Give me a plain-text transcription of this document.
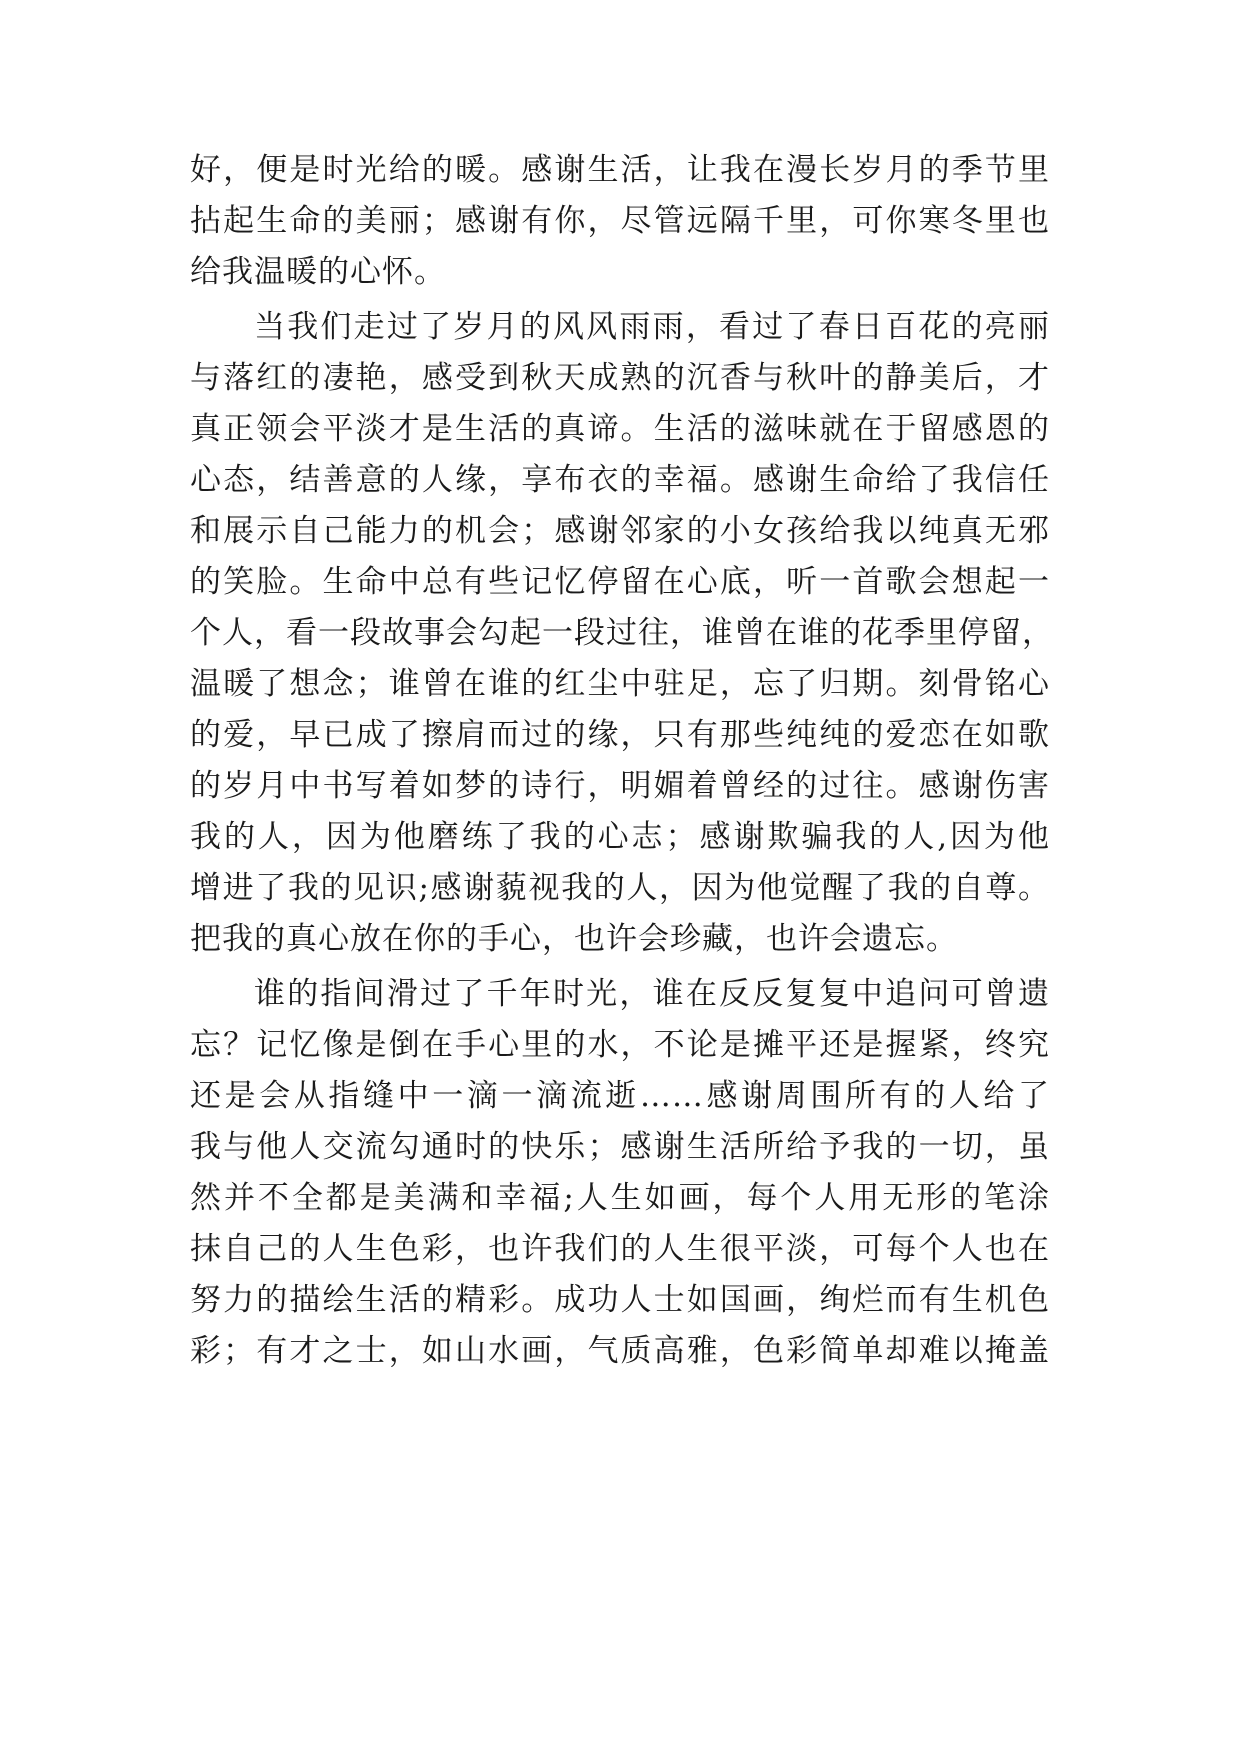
好，便是时光给的暖。感谢生活，让我在漫长岁月的季节里
拈起生命的美丽；感谢有你，尽管远隔千里，可你寒冬里也
给我温暖的心怀。
当我们走过了岁月的风风雨雨，看过了春日百花的亮丽
与落红的凄艳，感受到秋天成熟的沉香与秋叶的静美后，才
真正领会平淡才是生活的真谛。生活的滋味就在于留感恩的
心态，结善意的人缘，享布衣的幸福。感谢生命给了我信任
和展示自己能力的机会；感谢邻家的小女孩给我以纯真无邪
的笑脸。生命中总有些记忆停留在心底，听一首歌会想起一
个人，看一段故事会勾起一段过往，谁曾在谁的花季里停留，
温暖了想念；谁曾在谁的红尘中驻足，忘了归期。刻骨铭心
的爱，早已成了擦肩而过的缘，只有那些纯纯的爱恋在如歌
的岁月中书写着如梦的诗行，明媚着曾经的过往。感谢伤害
我的人，因为他磨练了我的心志；感谢欺骗我的人,因为他
增进了我的见识;感谢藐视我的人，因为他觉醒了我的自尊。
把我的真心放在你的手心，也许会珍藏，也许会遗忘。
谁的指间滑过了千年时光，谁在反反复复中追问可曾遗
忘？记忆像是倒在手心里的水，不论是摊平还是握紧，终究
还是会从指缝中一滴一滴流逝……感谢周围所有的人给了
我与他人交流勾通时的快乐；感谢生活所给予我的一切，虽
然并不全都是美满和幸福;人生如画，每个人用无形的笔涂
抹自己的人生色彩，也许我们的人生很平淡，可每个人也在
努力的描绘生活的精彩。成功人士如国画，绚烂而有生机色
彩；有才之士，如山水画，气质高雅，色彩简单却难以掩盖
